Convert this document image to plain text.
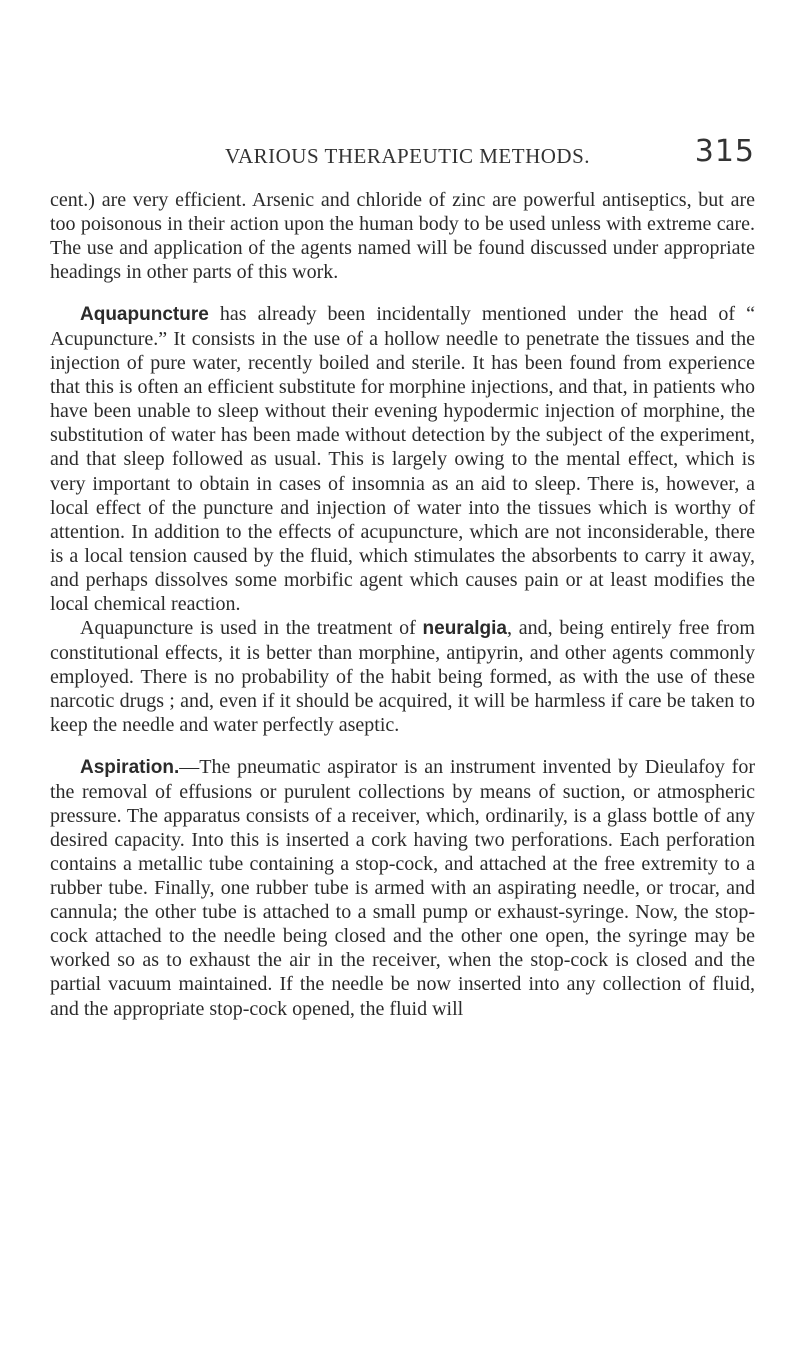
VARIOUS THERAPEUTIC METHODS.	315

cent.) are very efficient. Arsenic and chloride of zinc are powerful antiseptics, but are too poisonous in their action upon the human body to be used unless with extreme care. The use and application of the agents named will be found discussed under appropriate headings in other parts of this work.

Aquapuncture has already been incidentally mentioned under the head of “ Acupuncture.” It consists in the use of a hollow needle to penetrate the tissues and the injection of pure water, recently boiled and sterile. It has been found from experience that this is often an efficient substitute for morphine injections, and that, in patients who have been unable to sleep without their evening hypodermic injection of morphine, the substitution of water has been made without detection by the subject of the experiment, and that sleep followed as usual. This is largely owing to the mental effect, which is very important to obtain in cases of insomnia as an aid to sleep. There is, however, a local effect of the puncture and injection of water into the tissues which is worthy of attention. In addition to the effects of acupuncture, which are not inconsiderable, there is a local tension caused by the fluid, which stimulates the absorbents to carry it away, and perhaps dissolves some morbific agent which causes pain or at least modifies the local chemical reaction.

Aquapuncture is used in the treatment of neuralgia, and, being entirely free from constitutional effects, it is better than morphine, antipyrin, and other agents commonly employed. There is no probability of the habit being formed, as with the use of these narcotic drugs ; and, even if it should be acquired, it will be harmless if care be taken to keep the needle and water perfectly aseptic.

Aspiration.—The pneumatic aspirator is an instrument invented by Dieulafoy for the removal of effusions or purulent collections by means of suction, or atmospheric pressure. The apparatus consists of a receiver, which, ordinarily, is a glass bottle of any desired capacity. Into this is inserted a cork having two perforations. Each perforation contains a metallic tube containing a stop-cock, and attached at the free extremity to a rubber tube. Finally, one rubber tube is armed with an aspirating needle, or trocar, and cannula; the other tube is attached to a small pump or exhaust-syringe. Now, the stop-cock attached to the needle being closed and the other one open, the syringe may be worked so as to exhaust the air in the receiver, when the stop-cock is closed and the partial vacuum maintained. If the needle be now inserted into any collection of fluid, and the appropriate stop-cock opened, the fluid will
